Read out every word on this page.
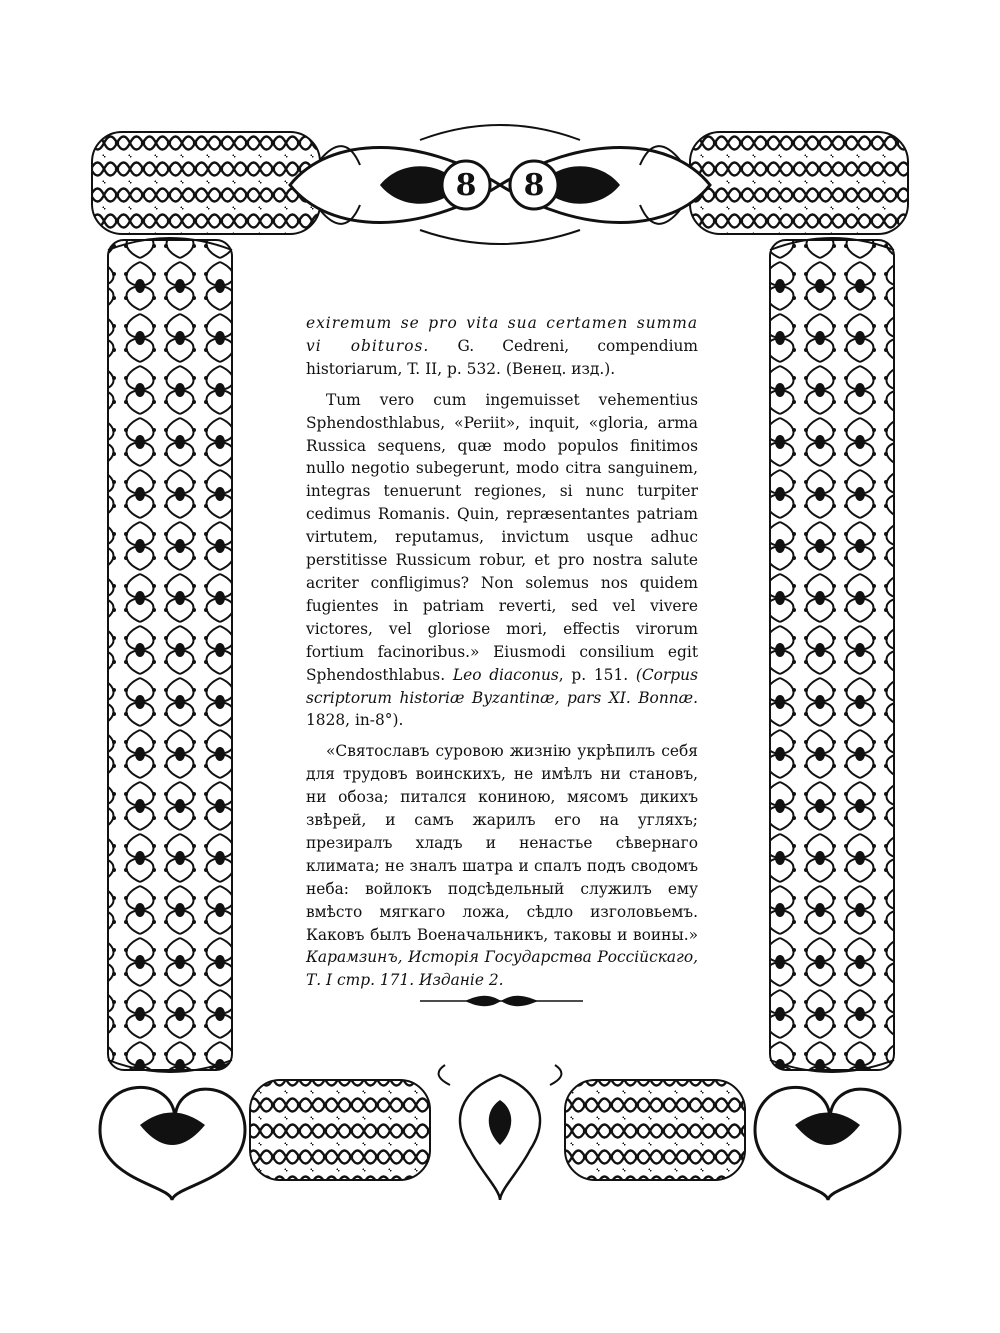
8 8

exiremum se pro vita sua certamen summa vi obituros. G. Cedreni, compendium historiarum, T. II, p. 532. (Венец. изд.).

Tum vero cum ingemuisset vehementius Sphendosthlabus, «Periit», inquit, «gloria, arma Russica sequens, quæ modo populos finitimos nullo negotio subegerunt, modo citra sanguinem, integras tenuerunt regiones, si nunc turpiter cedimus Romanis. Quin, repræsentantes patriam virtutem, reputamus, invictum usque adhuc perstitisse Russicum robur, et pro nostra salute acriter confligimus? Non solemus nos quidem fugientes in patriam reverti, sed vel vivere victores, vel gloriose mori, effectis virorum fortium facinoribus.» Eiusmodi consilium egit Sphendosthlabus. Leo diaconus, p. 151. (Corpus scriptorum historiæ Byzantinæ, pars XI. Bonnæ. 1828, in-8°).

«Святославъ суровою жизнію укрѣпилъ себя для трудовъ воинскихъ, не имѣлъ ни становъ, ни обоза; питался кониною, мясомъ дикихъ звѣрей, и самъ жарилъ его на угляхъ; презиралъ хладъ и ненастье сѣвернаго климата; не зналъ шатра и спалъ подъ сводомъ неба: войлокъ подсѣдельный служилъ ему вмѣсто мягкаго ложа, сѣдло изголовьемъ. Каковъ былъ Военачальникъ, таковы и воины.» Карамзинъ, Исторія Государства Россійскаго, Т. I стр. 171. Изданіе 2.
